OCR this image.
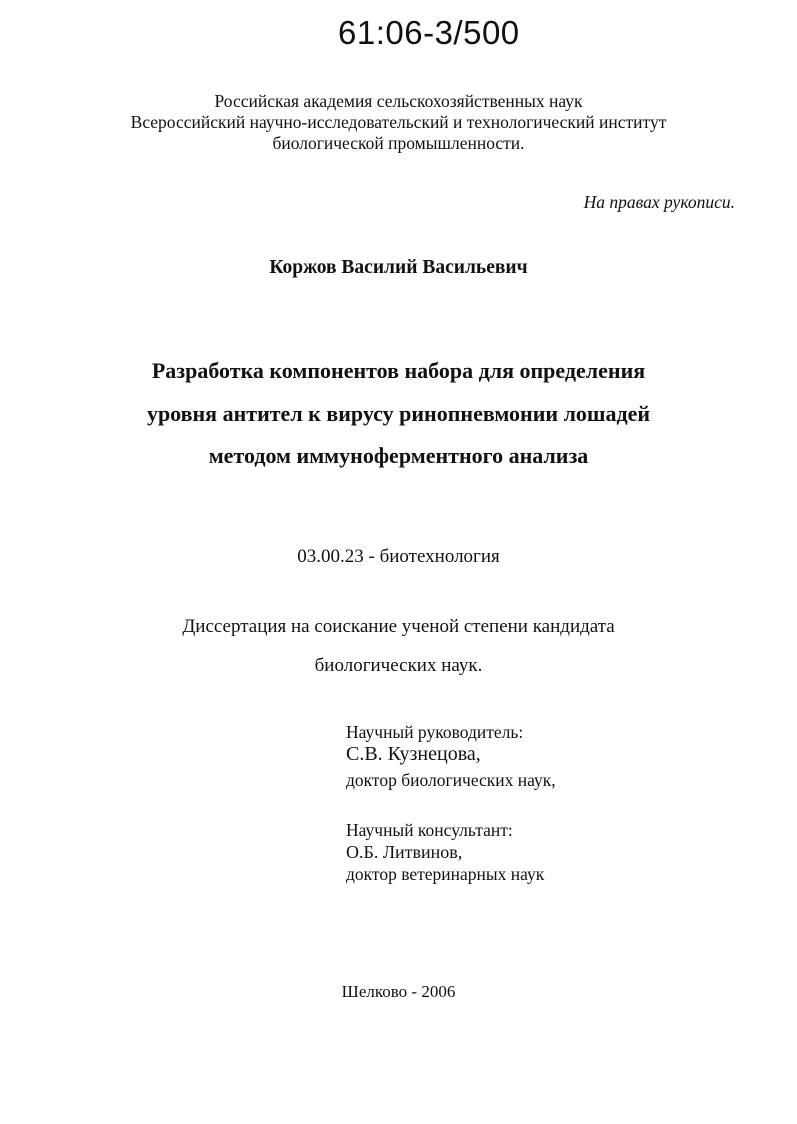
61:06-3/500
Российская академия сельскохозяйственных наук
Всероссийский научно-исследовательский и технологический институт
биологической промышленности.
На правах рукописи.
Коржов Василий Васильевич
Разработка компонентов набора для определения
уровня антител к вирусу ринопневмонии лошадей
методом иммуноферментного анализа
03.00.23 - биотехнология
Диссертация на соискание ученой степени кандидата
биологических наук.
Научный руководитель:
С.В. Кузнецова,
доктор биологических наук,
Научный консультант:
О.Б. Литвинов,
доктор ветеринарных наук
Шелково - 2006
